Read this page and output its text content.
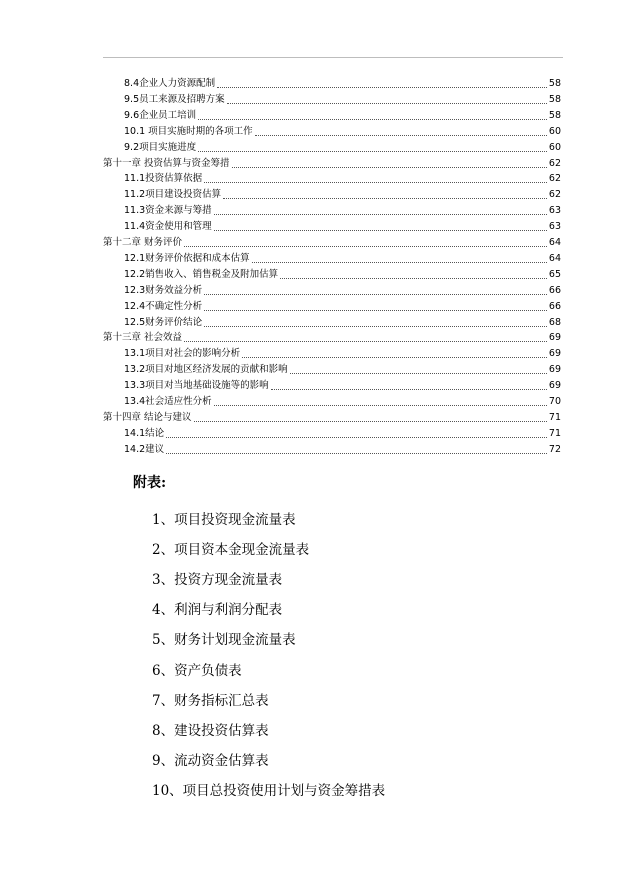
8.4企业人力资源配制	58
9.5员工来源及招聘方案	58
9.6企业员工培训	58
10.1 项目实施时期的各项工作	60
9.2项目实施进度	60
第十一章 投资估算与资金筹措	62
11.1投资估算依据	62
11.2项目建设投资估算	62
11.3资金来源与筹措	63
11.4资金使用和管理	63
第十二章 财务评价	64
12.1财务评价依据和成本估算	64
12.2销售收入、销售税金及附加估算	65
12.3财务效益分析	66
12.4不确定性分析	66
12.5财务评价结论	68
第十三章 社会效益	69
13.1项目对社会的影响分析	69
13.2项目对地区经济发展的贡献和影响	69
13.3项目对当地基础设施等的影响	69
13.4社会适应性分析	70
第十四章 结论与建议	71
14.1结论	71
14.2建议	72
附表:
1、项目投资现金流量表
2、项目资本金现金流量表
3、投资方现金流量表
4、利润与利润分配表
5、财务计划现金流量表
6、资产负债表
7、财务指标汇总表
8、建设投资估算表
9、流动资金估算表
10、项目总投资使用计划与资金筹措表
